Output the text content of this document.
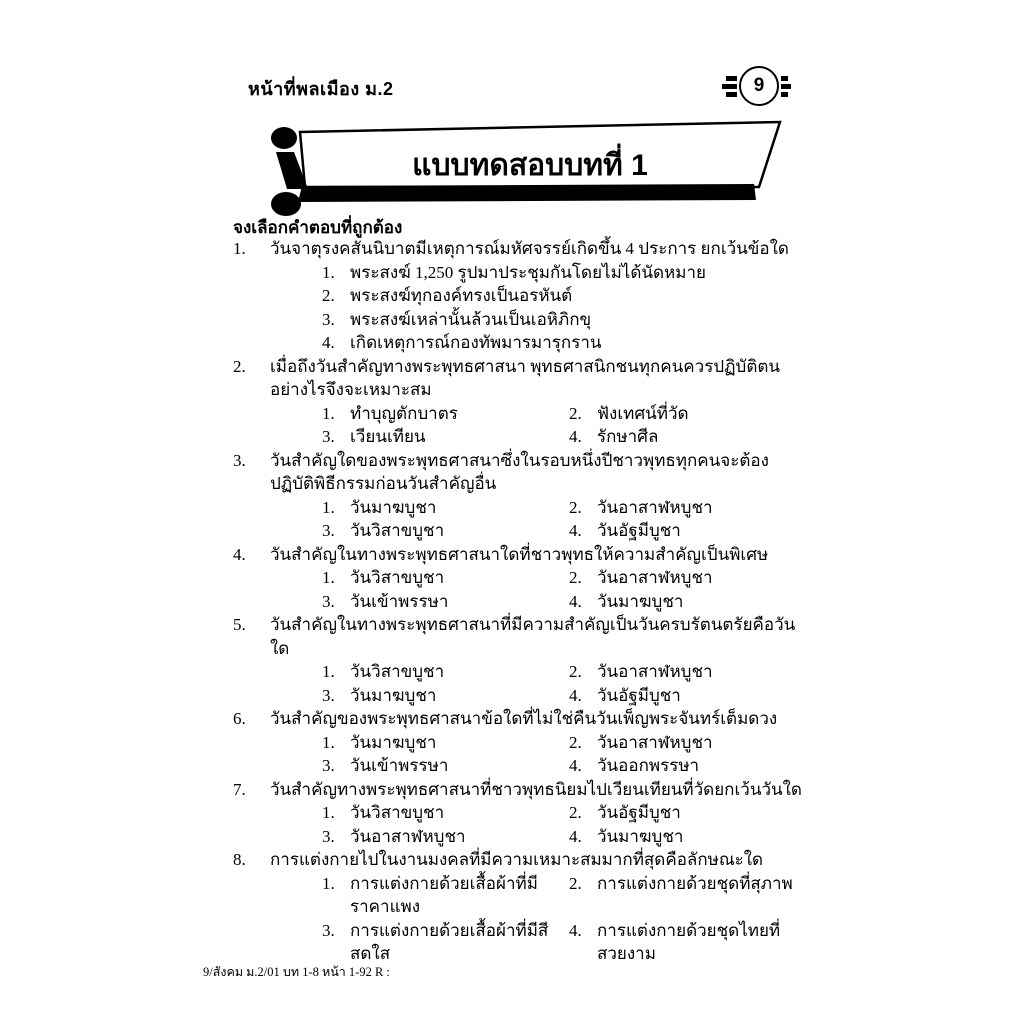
หน้าที่พลเมือง ม.2	9
แบบทดสอบบทที่ 1
จงเลือกคำตอบที่ถูกต้อง
1.	วันจาตุรงคสันนิบาตมีเหตุการณ์มหัศจรรย์เกิดขึ้น 4 ประการ ยกเว้นข้อใด
1. พระสงฆ์ 1,250 รูปมาประชุมกันโดยไม่ได้นัดหมาย
2. พระสงฆ์ทุกองค์ทรงเป็นอรหันต์
3. พระสงฆ์เหล่านั้นล้วนเป็นเอหิภิกขุ
4. เกิดเหตุการณ์กองทัพมารมารุกราน
2.	เมื่อถึงวันสำคัญทางพระพุทธศาสนา พุทธศาสนิกชนทุกคนควรปฏิบัติตนอย่างไรจึงจะเหมาะสม
1. ทำบุญตักบาตร	2. ฟังเทศน์ที่วัด
3. เวียนเทียน	4. รักษาศีล
3.	วันสำคัญใดของพระพุทธศาสนาซึ่งในรอบหนึ่งปีชาวพุทธทุกคนจะต้องปฏิบัติพิธีกรรมก่อนวันสำคัญอื่น
1. วันมาฆบูชา	2. วันอาสาฬหบูชา
3. วันวิสาขบูชา	4. วันอัฐมีบูชา
4.	วันสำคัญในทางพระพุทธศาสนาใดที่ชาวพุทธให้ความสำคัญเป็นพิเศษ
1. วันวิสาขบูชา	2. วันอาสาฬหบูชา
3. วันเข้าพรรษา	4. วันมาฆบูชา
5.	วันสำคัญในทางพระพุทธศาสนาที่มีความสำคัญเป็นวันครบรัตนตรัยคือวันใด
1. วันวิสาขบูชา	2. วันอาสาฬหบูชา
3. วันมาฆบูชา	4. วันอัฐมีบูชา
6.	วันสำคัญของพระพุทธศาสนาข้อใดที่ไม่ใช่คืนวันเพ็ญพระจันทร์เต็มดวง
1. วันมาฆบูชา	2. วันอาสาฬหบูชา
3. วันเข้าพรรษา	4. วันออกพรรษา
7.	วันสำคัญทางพระพุทธศาสนาที่ชาวพุทธนิยมไปเวียนเทียนที่วัดยกเว้นวันใด
1. วันวิสาขบูชา	2. วันอัฐมีบูชา
3. วันอาสาฬหบูชา	4. วันมาฆบูชา
8.	การแต่งกายไปในงานมงคลที่มีความเหมาะสมมากที่สุดคือลักษณะใด
1. การแต่งกายด้วยเสื้อผ้าที่มีราคาแพง
2. การแต่งกายด้วยชุดที่สุภาพ
3. การแต่งกายด้วยเสื้อผ้าที่มีสีสดใส
4. การแต่งกายด้วยชุดไทยที่สวยงาม
9/สังคม ม.2/01 บท 1-8 หน้า 1-92 R :
